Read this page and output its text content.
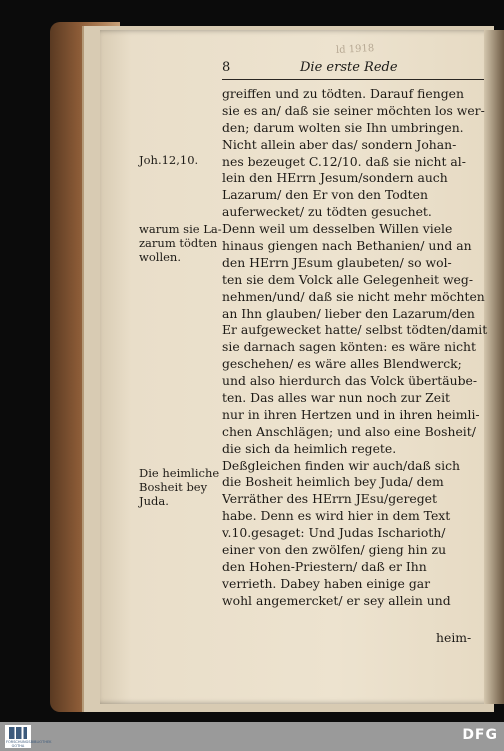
ld 1918
8	Die erste Rede
Joh.12,10.
warum sie La-
zarum tödten
wollen.
Die heimliche
Bosheit bey
Juda.
greiffen und zu tödten. Darauf fiengen
sie es an/ daß sie seiner möchten los wer-
den; darum wolten sie Ihn umbringen.
Nicht allein aber das/ sondern Johan-
nes bezeuget C.12/10. daß sie nicht al-
lein den HErrn Jesum/sondern auch
Lazarum/ den Er von den Todten
auferwecket/ zu tödten gesuchet.
Denn weil um desselben Willen viele
hinaus giengen nach Bethanien/ und an
den HErrn JEsum glaubeten/ so wol-
ten sie dem Volck alle Gelegenheit weg-
nehmen/und/ daß sie nicht mehr möchten
an Ihn glauben/ lieber den Lazarum/den
Er aufgewecket hatte/ selbst tödten/damit
sie darnach sagen könten: es wäre nicht
geschehen/ es wäre alles Blendwerck;
und also hierdurch das Volck übertäube-
ten. Das alles war nun noch zur Zeit
nur in ihren Hertzen und in ihren heimli-
chen Anschlägen; und also eine Bosheit/
die sich da heimlich regete.
Deßgleichen finden wir auch/daß sich
die Bosheit heimlich bey Juda/ dem
Verräther des HErrn JEsu/gereget
habe. Denn es wird hier in dem Text
v.10.gesaget: Und Judas Ischarioth/
einer von den zwölfen/ gieng hin zu
den Hohen-Priestern/ daß er Ihn
verrieth. Dabey haben einige gar
wohl angemercket/ er sey allein und
heim-
FORSCHUNGSBIBLIOTHEK GOTHA
DFG
